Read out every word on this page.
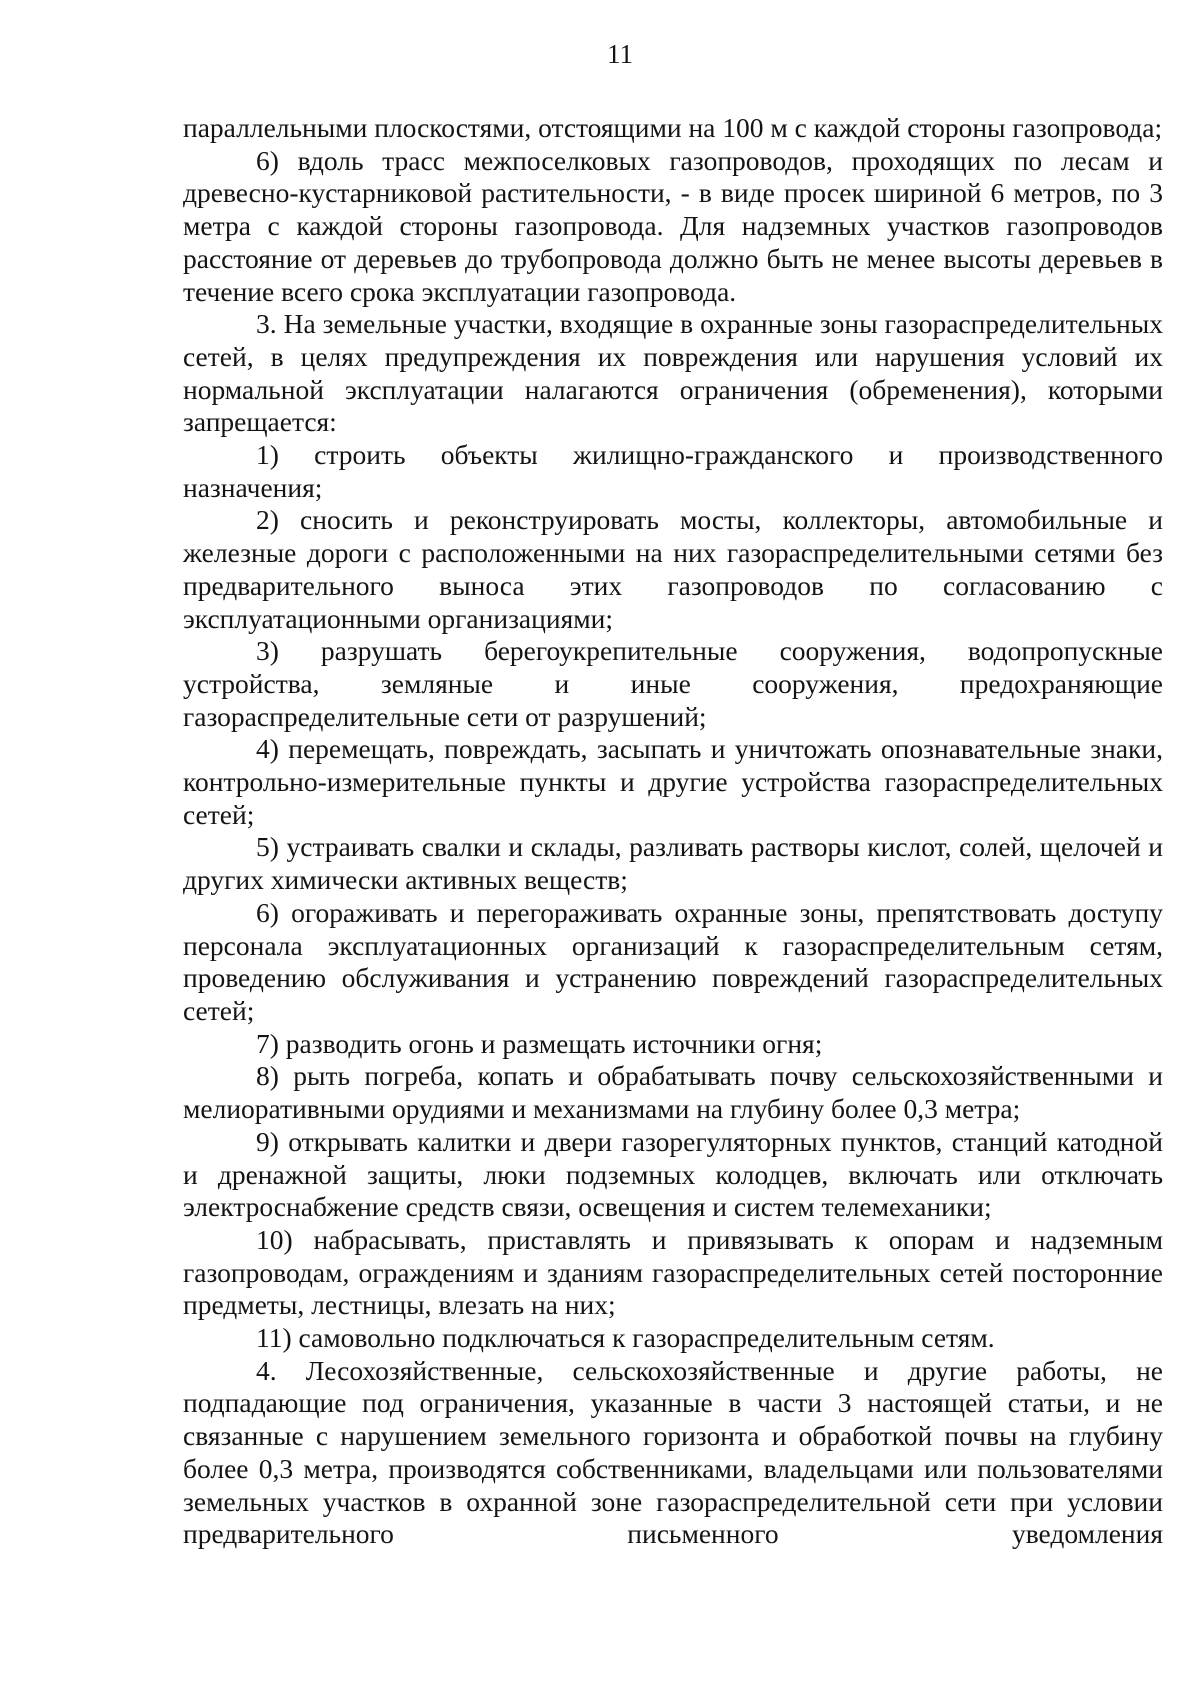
11

параллельными плоскостями, отстоящими на 100 м с каждой стороны газопровода;

6) вдоль трасс межпоселковых газопроводов, проходящих по лесам и древесно-кустарниковой растительности, - в виде просек шириной 6 метров, по 3 метра с каждой стороны газопровода. Для надземных участков газопроводов расстояние от деревьев до трубопровода должно быть не менее высоты деревьев в течение всего срока эксплуатации газопровода.

3. На земельные участки, входящие в охранные зоны газораспределительных сетей, в целях предупреждения их повреждения или нарушения условий их нормальной эксплуатации налагаются ограничения (обременения), которыми запрещается:

1) строить объекты жилищно-гражданского и производственного назначения;

2) сносить и реконструировать мосты, коллекторы, автомобильные и железные дороги с расположенными на них газораспределительными сетями без предварительного выноса этих газопроводов по согласованию с эксплуатационными организациями;

3) разрушать берегоукрепительные сооружения, водопропускные устройства, земляные и иные сооружения, предохраняющие газораспределительные сети от разрушений;

4) перемещать, повреждать, засыпать и уничтожать опознавательные знаки, контрольно-измерительные пункты и другие устройства газораспределительных сетей;

5) устраивать свалки и склады, разливать растворы кислот, солей, щелочей и других химически активных веществ;

6) огораживать и перегораживать охранные зоны, препятствовать доступу персонала эксплуатационных организаций к газораспределительным сетям, проведению обслуживания и устранению повреждений газораспределительных сетей;

7) разводить огонь и размещать источники огня;

8) рыть погреба, копать и обрабатывать почву сельскохозяйственными и мелиоративными орудиями и механизмами на глубину более 0,3 метра;

9) открывать калитки и двери газорегуляторных пунктов, станций катодной и дренажной защиты, люки подземных колодцев, включать или отключать электроснабжение средств связи, освещения и систем телемеханики;

10) набрасывать, приставлять и привязывать к опорам и надземным газопроводам, ограждениям и зданиям газораспределительных сетей посторонние предметы, лестницы, влезать на них;

11) самовольно подключаться к газораспределительным сетям.

4. Лесохозяйственные, сельскохозяйственные и другие работы, не подпадающие под ограничения, указанные в части 3 настоящей статьи, и не связанные с нарушением земельного горизонта и обработкой почвы на глубину более 0,3 метра, производятся собственниками, владельцами или пользователями земельных участков в охранной зоне газораспределительной сети при условии предварительного письменного уведомления
